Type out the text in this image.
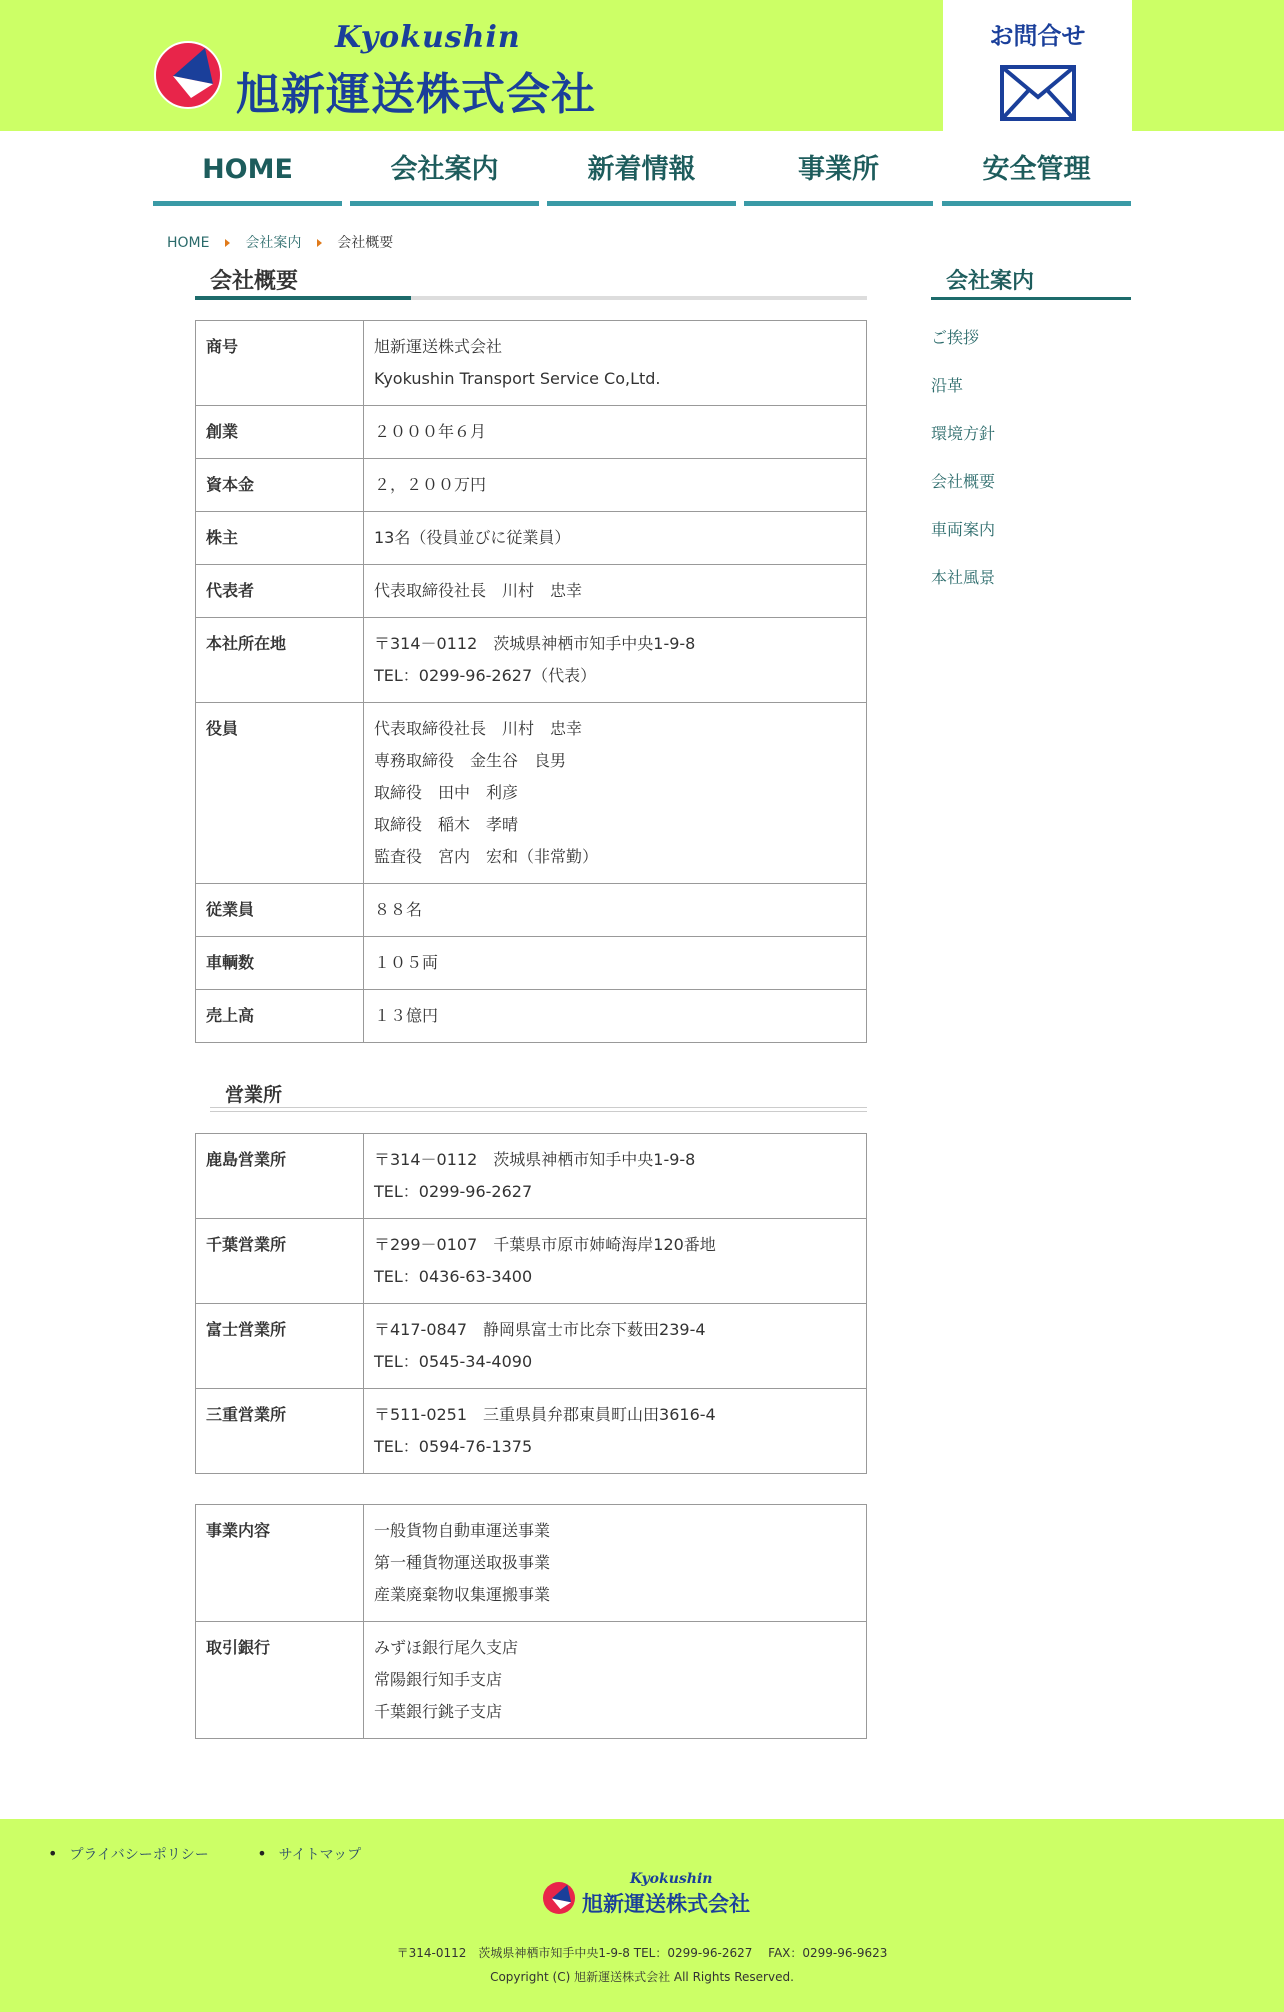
Kyokushin
旭新運送株式会社
お問合せ
HOME	会社案内	新着情報	事業所	安全管理
HOME	会社案内	会社概要
会社概要
商号	旭新運送株式会社
Kyokushin Transport Service Co,Ltd.

創業	２０００年６月

資本金	２，２００万円

株主	13名（役員並びに従業員）

代表者	代表取締役社長　川村　忠幸

本社所在地	〒314－0112　茨城県神栖市知手中央1-9-8
TEL：0299-96-2627（代表）

役員	代表取締役社長　川村　忠幸
専務取締役　金生谷　良男
取締役　田中　利彦
取締役　稲木　孝晴
監査役　宮内　宏和（非常勤）

従業員	８８名

車輌数	１０５両

売上高	１３億円
営業所
鹿島営業所	〒314－0112　茨城県神栖市知手中央1-9-8
TEL：0299-96-2627

千葉営業所	〒299－0107　千葉県市原市姉崎海岸120番地
TEL：0436-63-3400

富士営業所	〒417-0847　静岡県富士市比奈下薮田239-4
TEL：0545-34-4090

三重営業所	〒511-0251　三重県員弁郡東員町山田3616-4
TEL：0594-76-1375
事業内容	一般貨物自動車運送事業
第一種貨物運送取扱事業
産業廃棄物収集運搬事業

取引銀行	みずほ銀行尾久支店
常陽銀行知手支店
千葉銀行銚子支店
会社案内
ご挨拶
沿革
環境方針
会社概要
車両案内
本社風景
• プライバシーポリシー	• サイトマップ
Kyokushin
旭新運送株式会社
〒314-0112　茨城県神栖市知手中央1-9-8 TEL：0299-96-2627　 FAX：0299-96-9623
Copyright (C) 旭新運送株式会社 All Rights Reserved.
